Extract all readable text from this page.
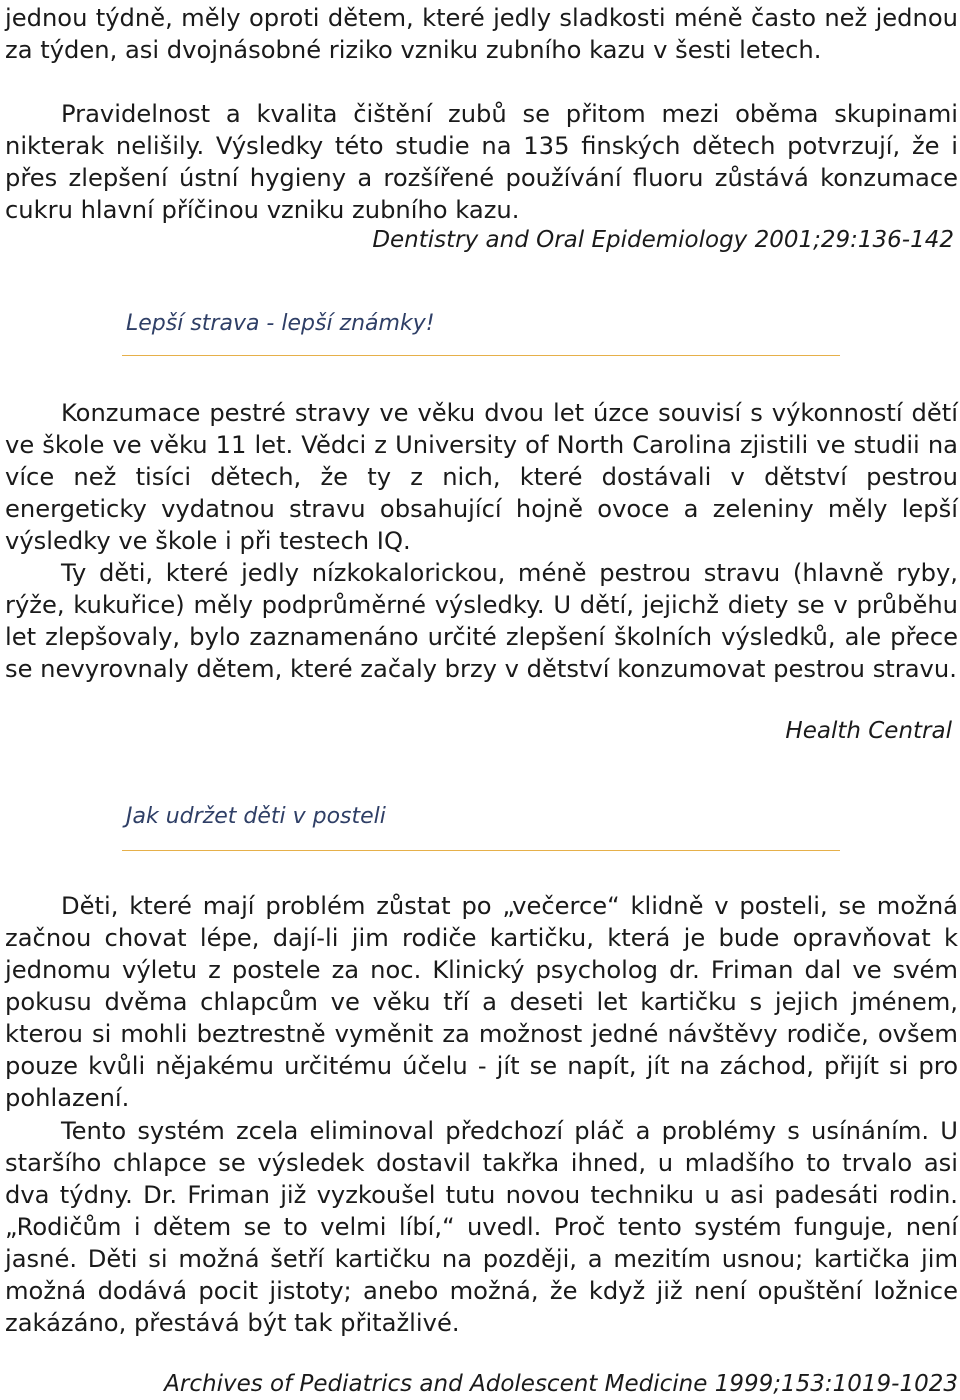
jednou týdně, měly oproti dětem, které jedly sladkosti méně často než jednou za týden, asi dvojnásobné riziko vzniku zubního kazu v šesti letech.

Pravidelnost a kvalita čištění zubů se přitom mezi oběma skupinami nikterak nelišily. Výsledky této studie na 135 finských dětech potvrzují, že i přes zlepšení ústní hygieny a rozšířené používání fluoru zůstává konzumace cukru hlavní příčinou vzniku zubního kazu.

Dentistry and Oral Epidemiology 2001;29:136-142
Lepší strava - lepší známky!

Konzumace pestré stravy ve věku dvou let úzce souvisí s výkonností dětí ve škole ve věku 11 let. Vědci z University of North Carolina zjistili ve studii na více než tisíci dětech, že ty z nich, které dostávali v dětství pestrou energeticky vydatnou stravu obsahující hojně ovoce a zeleniny měly lepší výsledky ve škole i při testech IQ.

Ty děti, které jedly nízkokalorickou, méně pestrou stravu (hlavně ryby, rýže, kukuřice) měly podprůměrné výsledky. U dětí, jejichž diety se v průběhu let zlepšovaly, bylo zaznamenáno určité zlepšení školních výsledků, ale přece se nevyrovnaly dětem, které začaly brzy v dětství konzumovat pestrou stravu.

Health Central
Jak udržet děti v posteli

Děti, které mají problém zůstat po „večerce“ klidně v posteli, se možná začnou chovat lépe, dají-li jim rodiče kartičku, která je bude opravňovat k jednomu výletu z postele za noc. Klinický psycholog dr. Friman dal ve svém pokusu dvěma chlapcům ve věku tří a deseti let kartičku s jejich jménem, kterou si mohli beztrestně vyměnit za možnost jedné návštěvy rodiče, ovšem pouze kvůli nějakému určitému účelu - jít se napít, jít na záchod, přijít si pro pohlazení.

Tento systém zcela eliminoval předchozí pláč a problémy s usínáním. U staršího chlapce se výsledek dostavil takřka ihned, u mladšího to trvalo asi dva týdny. Dr. Friman již vyzkoušel tutu novou techniku u asi padesáti rodin. „Rodičům i dětem se to velmi líbí,“ uvedl. Proč tento systém funguje, není jasné. Děti si možná šetří kartičku na později, a mezitím usnou; kartička jim možná dodává pocit jistoty; anebo možná, že když již není opuštění ložnice zakázáno, přestává být tak přitažlivé.

Archives of Pediatrics and Adolescent Medicine 1999;153:1019-1023
